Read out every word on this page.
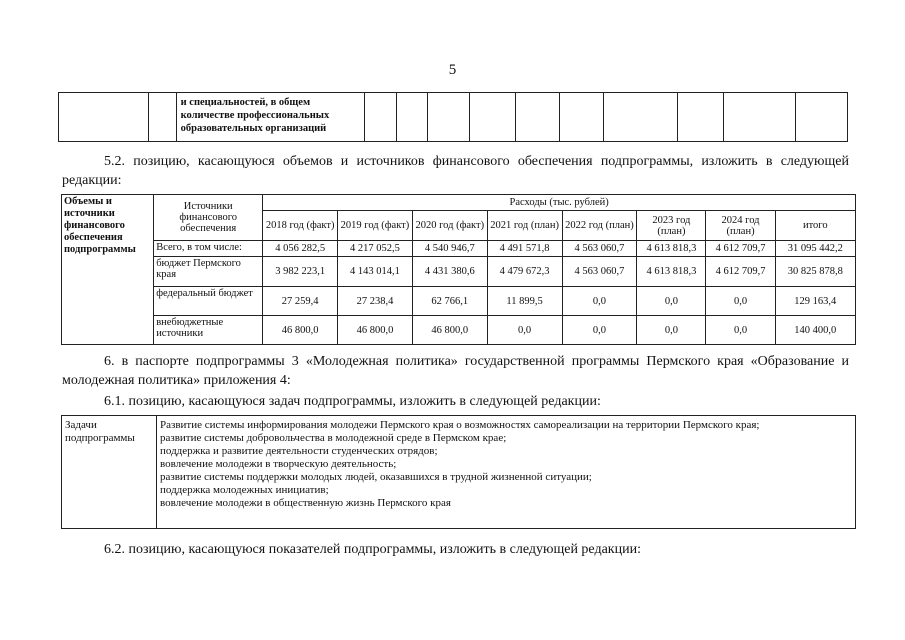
5

и специальностей, в общем количестве профессиональных образовательных организаций

5.2. позицию, касающуюся объемов и источников финансового обеспечения подпрограммы, изложить в следующей редакции:
Объемы и источники финансового обеспечения подпрограммы	Источники финансового обеспечения	Расходы (тыс. рублей)							
		2018 год (факт)	2019 год (факт)	2020 год (факт)	2021 год (план)	2022 год (план)	2023 год (план)	2024 год (план)	итого
	Всего, в том числе:	4 056 282,5	4 217 052,5	4 540 946,7	4 491 571,8	4 563 060,7	4 613 818,3	4 612 709,7	31 095 442,2
	бюджет Пермского края	3 982 223,1	4 143 014,1	4 431 380,6	4 479 672,3	4 563 060,7	4 613 818,3	4 612 709,7	30 825 878,8
	федеральный бюджет	27 259,4	27 238,4	62 766,1	11 899,5	0,0	0,0	0,0	129 163,4
	внебюджетные источники	46 800,0	46 800,0	46 800,0	0,0	0,0	0,0	0,0	140 400,0
6. в паспорте подпрограммы 3 «Молодежная политика» государственной программы Пермского края «Образование и молодежная политика» приложения 4:
6.1. позицию, касающуюся задач подпрограммы, изложить в следующей редакции:
Задачи подпрограммы

Развитие системы информирования молодежи Пермского края о возможностях самореализации на территории Пермского края;
развитие системы добровольчества в молодежной среде в Пермском крае;
поддержка и развитие деятельности студенческих отрядов;
вовлечение молодежи в творческую деятельность;
развитие системы поддержки молодых людей, оказавшихся в трудной жизненной ситуации;
поддержка молодежных инициатив;
вовлечение молодежи в общественную жизнь Пермского края
6.2. позицию, касающуюся показателей подпрограммы, изложить в следующей редакции:
